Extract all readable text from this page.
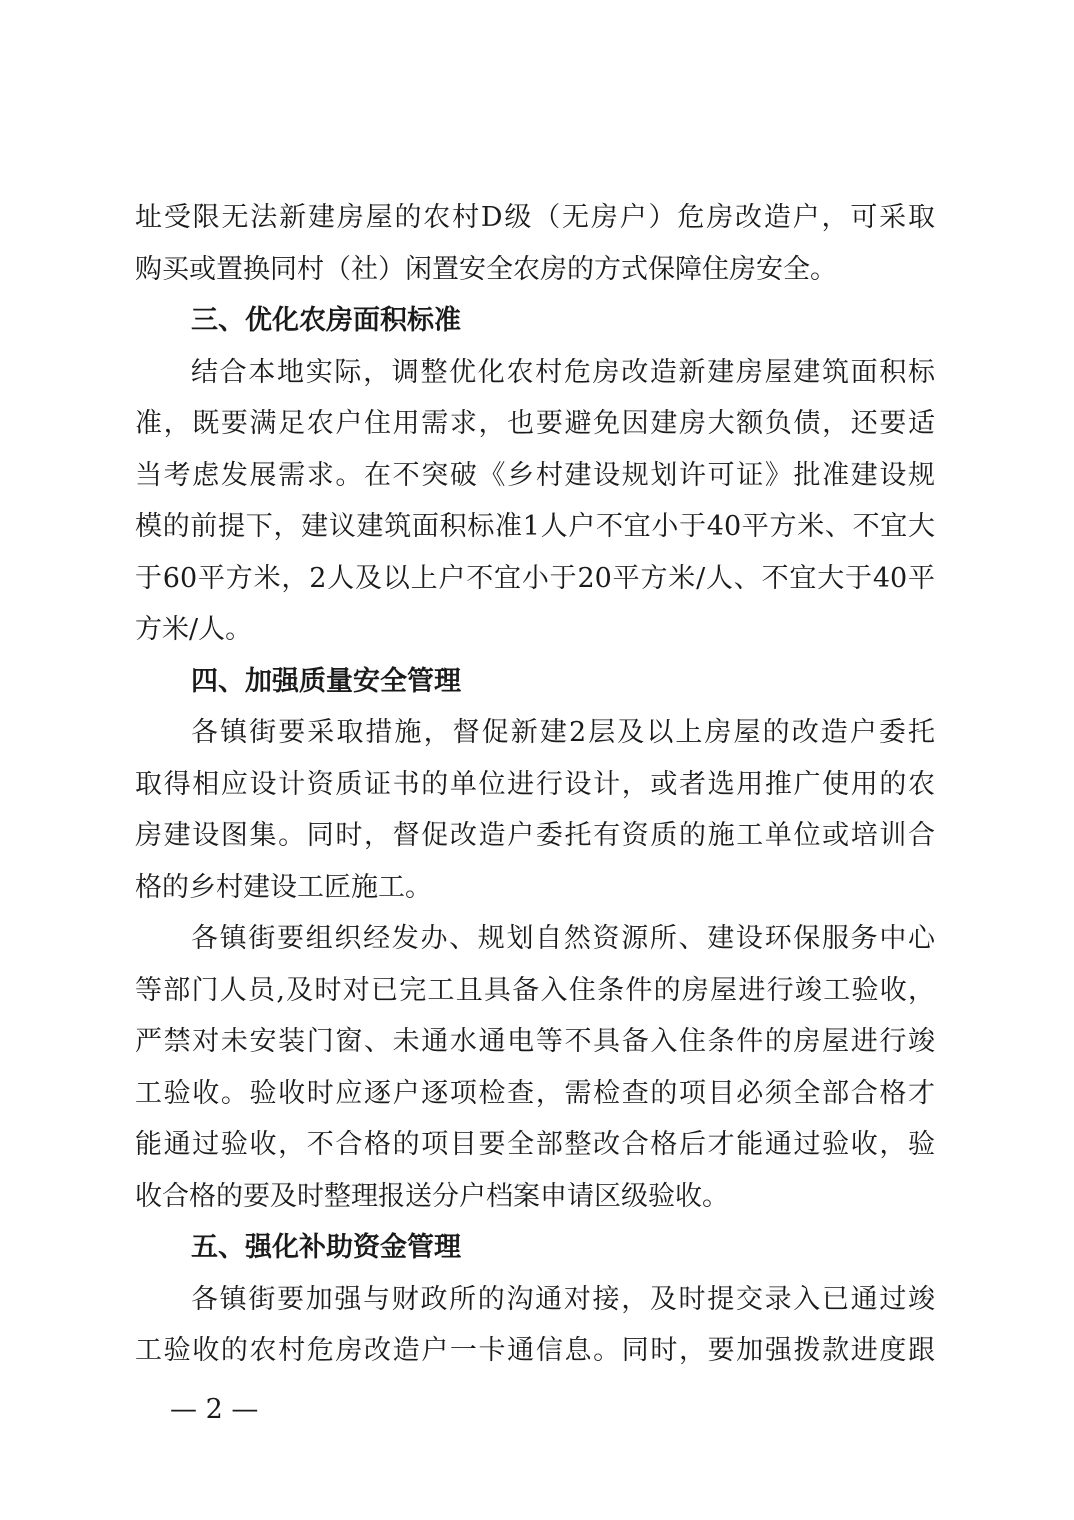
址受限无法新建房屋的农村D级（无房户）危房改造户，可采取
购买或置换同村（社）闲置安全农房的方式保障住房安全。
三、优化农房面积标准
结合本地实际，调整优化农村危房改造新建房屋建筑面积标
准，既要满足农户住用需求，也要避免因建房大额负债，还要适
当考虑发展需求。在不突破《乡村建设规划许可证》批准建设规
模的前提下，建议建筑面积标准1人户不宜小于40平方米、不宜大
于60平方米，2人及以上户不宜小于20平方米/人、不宜大于40平
方米/人。
四、加强质量安全管理
各镇街要采取措施，督促新建2层及以上房屋的改造户委托
取得相应设计资质证书的单位进行设计，或者选用推广使用的农
房建设图集。同时，督促改造户委托有资质的施工单位或培训合
格的乡村建设工匠施工。
各镇街要组织经发办、规划自然资源所、建设环保服务中心
等部门人员,及时对已完工且具备入住条件的房屋进行竣工验收，
严禁对未安装门窗、未通水通电等不具备入住条件的房屋进行竣
工验收。验收时应逐户逐项检查，需检查的项目必须全部合格才
能通过验收，不合格的项目要全部整改合格后才能通过验收，验
收合格的要及时整理报送分户档案申请区级验收。
五、强化补助资金管理
各镇街要加强与财政所的沟通对接，及时提交录入已通过竣
工验收的农村危房改造户一卡通信息。同时，要加强拨款进度跟
— 2 —
